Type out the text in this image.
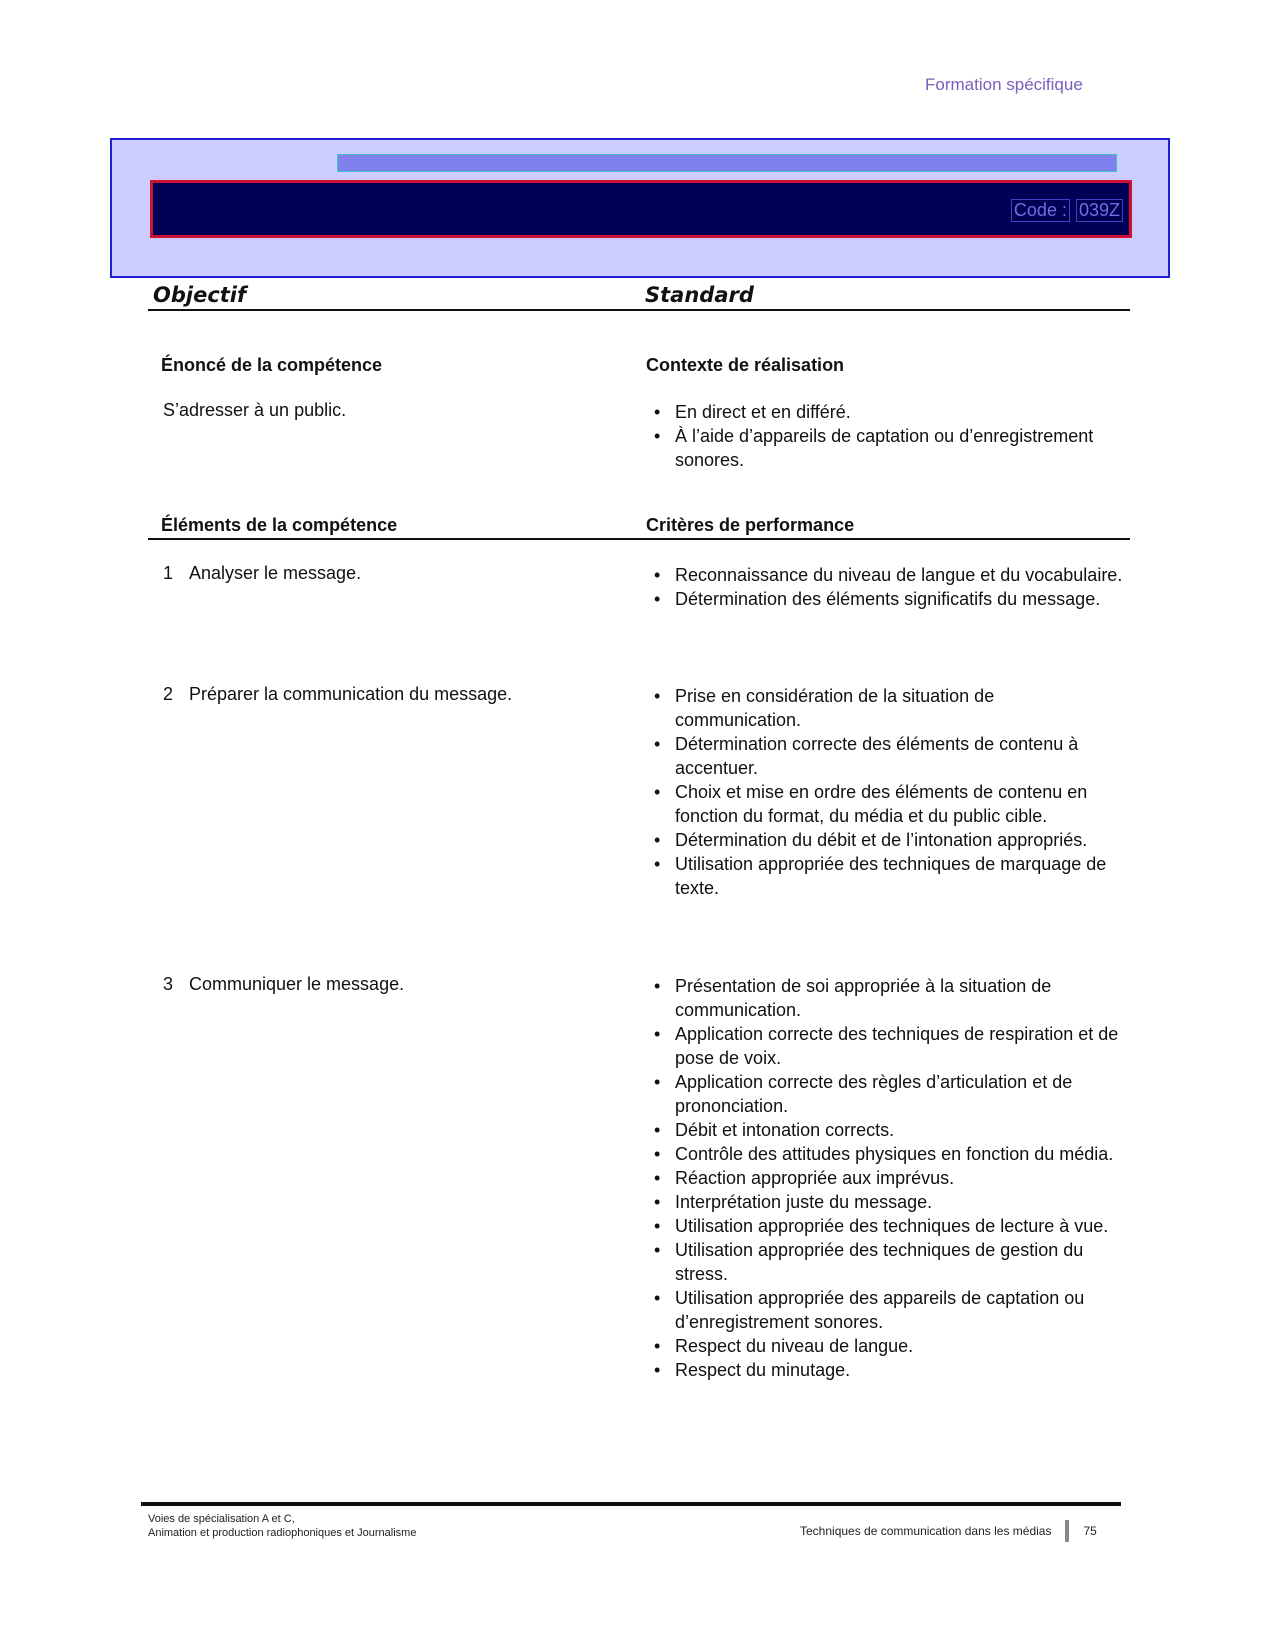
Formation spécifique
Code : 039Z
Objectif	Standard
Énoncé de la compétence	Contexte de réalisation
S’adresser à un public.	• En direct et en différé.
• À l’aide d’appareils de captation ou d’enregistrement sonores.
Éléments de la compétence	Critères de performance
1 Analyser le message.	• Reconnaissance du niveau de langue et du vocabulaire.
• Détermination des éléments significatifs du message.
2 Préparer la communication du message.	• Prise en considération de la situation de communication.
• Détermination correcte des éléments de contenu à accentuer.
• Choix et mise en ordre des éléments de contenu en fonction du format, du média et du public cible.
• Détermination du débit et de l’intonation appropriés.
• Utilisation appropriée des techniques de marquage de texte.
3 Communiquer le message.	• Présentation de soi appropriée à la situation de communication.
• Application correcte des techniques de respiration et de pose de voix.
• Application correcte des règles d’articulation et de prononciation.
• Débit et intonation corrects.
• Contrôle des attitudes physiques en fonction du média.
• Réaction appropriée aux imprévus.
• Interprétation juste du message.
• Utilisation appropriée des techniques de lecture à vue.
• Utilisation appropriée des techniques de gestion du stress.
• Utilisation appropriée des appareils de captation ou d’enregistrement sonores.
• Respect du niveau de langue.
• Respect du minutage.
Voies de spécialisation A et C,
Animation et production radiophoniques et Journalisme	Techniques de communication dans les médias	75
